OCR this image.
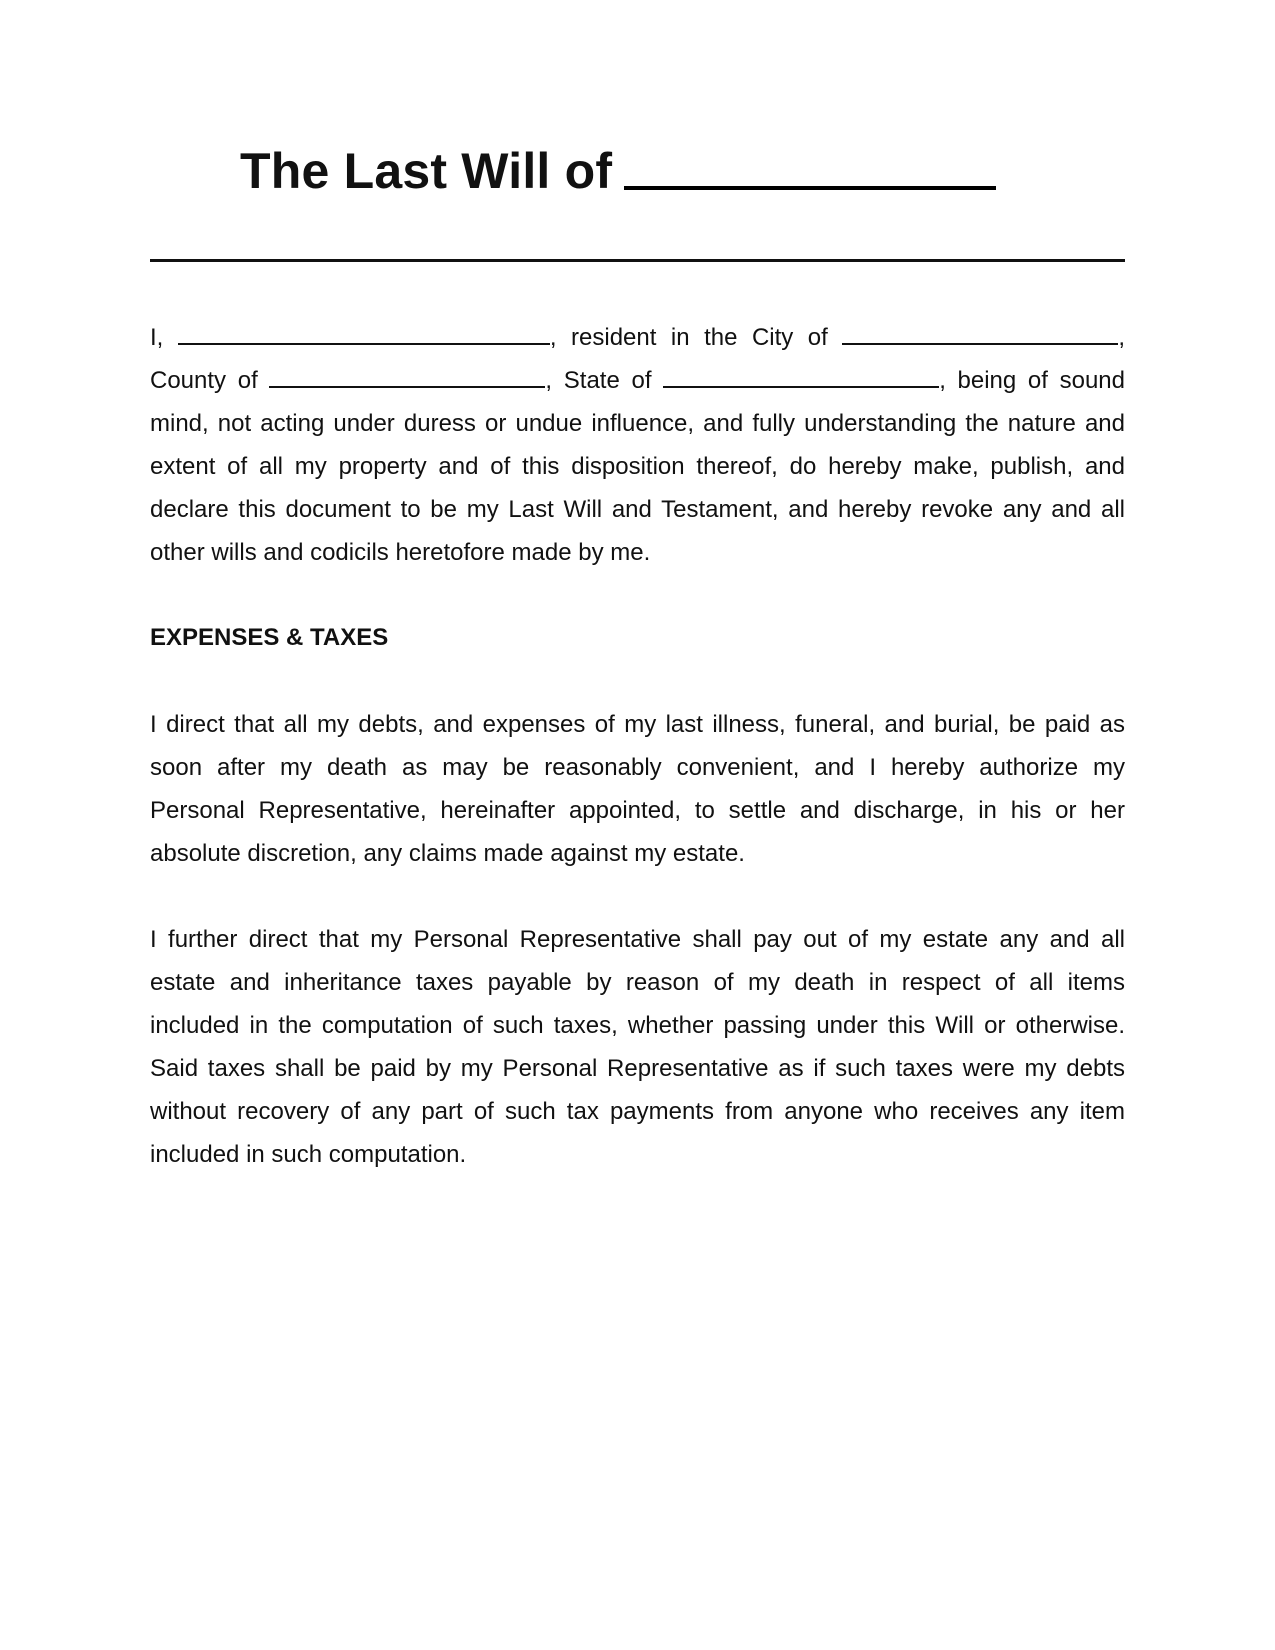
The Last Will of
I,	, resident in the City of	,
County of	, State of	, being of sound
mind, not acting under duress or undue influence, and fully understanding the nature and
extent of all my property and of this disposition thereof, do hereby make, publish, and
declare this document to be my Last Will and Testament, and hereby revoke any and all
other wills and codicils heretofore made by me.
EXPENSES & TAXES
I direct that all my debts, and expenses of my last illness, funeral, and burial, be paid as
soon after my death as may be reasonably convenient, and I hereby authorize my
Personal Representative, hereinafter appointed, to settle and discharge, in his or her
absolute discretion, any claims made against my estate.
I further direct that my Personal Representative shall pay out of my estate any and all
estate and inheritance taxes payable by reason of my death in respect of all items
included in the computation of such taxes, whether passing under this Will or otherwise.
Said taxes shall be paid by my Personal Representative as if such taxes were my debts
without recovery of any part of such tax payments from anyone who receives any item
included in such computation.
